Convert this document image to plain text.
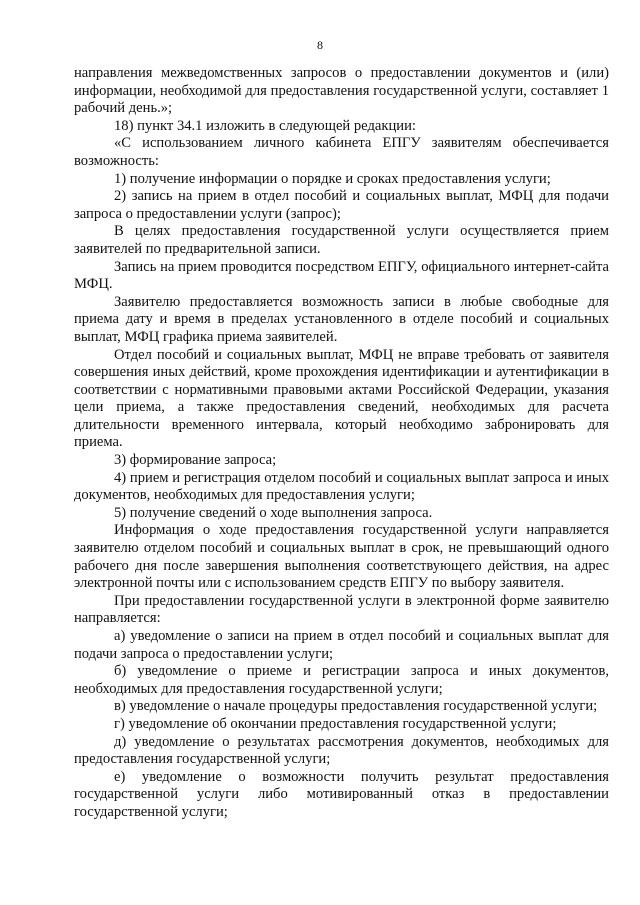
8

направления межведомственных запросов о предоставлении документов и (или) информации, необходимой для предоставления государственной услуги, составляет 1 рабочий день.»;

18) пункт 34.1 изложить в следующей редакции:

«С использованием личного кабинета ЕПГУ заявителям обеспечивается возможность:

1) получение информации о порядке и сроках предоставления услуги;

2) запись на прием в отдел пособий и социальных выплат, МФЦ для подачи запроса о предоставлении услуги (запрос);

В целях предоставления государственной услуги осуществляется прием заявителей по предварительной записи.

Запись на прием проводится посредством ЕПГУ, официального интернет-сайта МФЦ.

Заявителю предоставляется возможность записи в любые свободные для приема дату и время в пределах установленного в отделе пособий и социальных выплат, МФЦ графика приема заявителей.

Отдел пособий и социальных выплат, МФЦ не вправе требовать от заявителя совершения иных действий, кроме прохождения идентификации и аутентификации в соответствии с нормативными правовыми актами Российской Федерации, указания цели приема, а также предоставления сведений, необходимых для расчета длительности временного интервала, который необходимо забронировать для приема.

3) формирование запроса;

4) прием и регистрация отделом пособий и социальных выплат запроса и иных документов, необходимых для предоставления услуги;

5) получение сведений о ходе выполнения запроса.

Информация о ходе предоставления государственной услуги направляется заявителю отделом пособий и социальных выплат в срок, не превышающий одного рабочего дня после завершения выполнения соответствующего действия, на адрес электронной почты или с использованием средств ЕПГУ по выбору заявителя.

При предоставлении государственной услуги в электронной форме заявителю направляется:

а) уведомление о записи на прием в отдел пособий и социальных выплат для подачи запроса о предоставлении услуги;

б) уведомление о приеме и регистрации запроса и иных документов, необходимых для предоставления государственной услуги;

в) уведомление о начале процедуры предоставления государственной услуги;

г) уведомление об окончании предоставления государственной услуги;

д) уведомление о результатах рассмотрения документов, необходимых для предоставления государственной услуги;

е) уведомление о возможности получить результат предоставления государственной услуги либо мотивированный отказ в предоставлении государственной услуги;
